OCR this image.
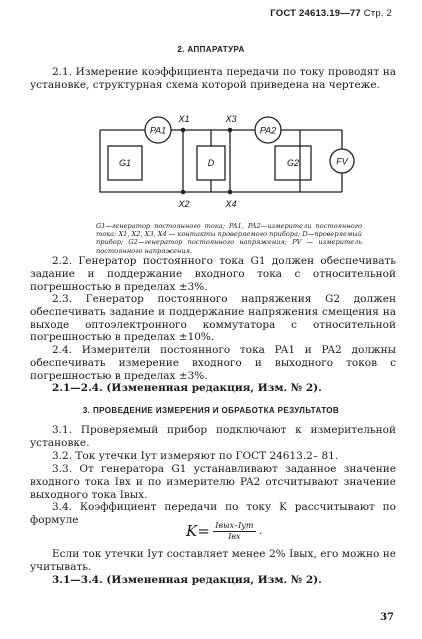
ГОСТ 24613.19—77 Стр. 2
2. АППАРАТУРА

2.1. Измерение коэффициента передачи по току проводят на установке, структурная схема которой приведена на чертеже.

PA1	PA2
FV
G1	D	G2
X1	X3
X2	X4
G1—генератор постоянного тока; PA1, PA2—измерители постоянного тока; X1, X2, X3, X4 — контакты проверяемого прибора; D—проверяемый прибор; G2—генератор постоянного напряжения; PV — измеритель постоянного напряжения.

2.2. Генератор постоянного тока G1 должен обеспечивать задание и поддержание входного тока с относительной погрешностью в пределах ±3%.

2.3. Генератор постоянного напряжения G2 должен обеспечивать задание и поддержание напряжения смещения на выходе оптоэлектронного коммутатора с относительной погрешностью в пределах ±10%.

2.4. Измерители постоянного тока PA1 и PA2 должны обеспечивать измерение входного и выходного токов с погрешностью в пределах ±3%.

2.1—2.4. (Измененная редакция, Изм. № 2).

3. ПРОВЕДЕНИЕ ИЗМЕРЕНИЯ И ОБРАБОТКА РЕЗУЛЬТАТОВ

3.1. Проверяемый прибор подключают к измерительной установке.

3.2. Ток утечки Iут измеряют по ГОСТ 24613.2– 81.

3.3. От генератора G1 устанавливают заданное значение входного тока Iвх и по измерителю PA2 отсчитывают значение выходного тока Iвых.

3.4. Коэффициент передачи по току K рассчитывают по формуле

K= Iвых–Iут
Iвх	.

Если ток утечки Iут составляет менее 2% Iвых, его можно не учитывать.

3.1—3.4. (Измененная редакция, Изм. № 2).

37
